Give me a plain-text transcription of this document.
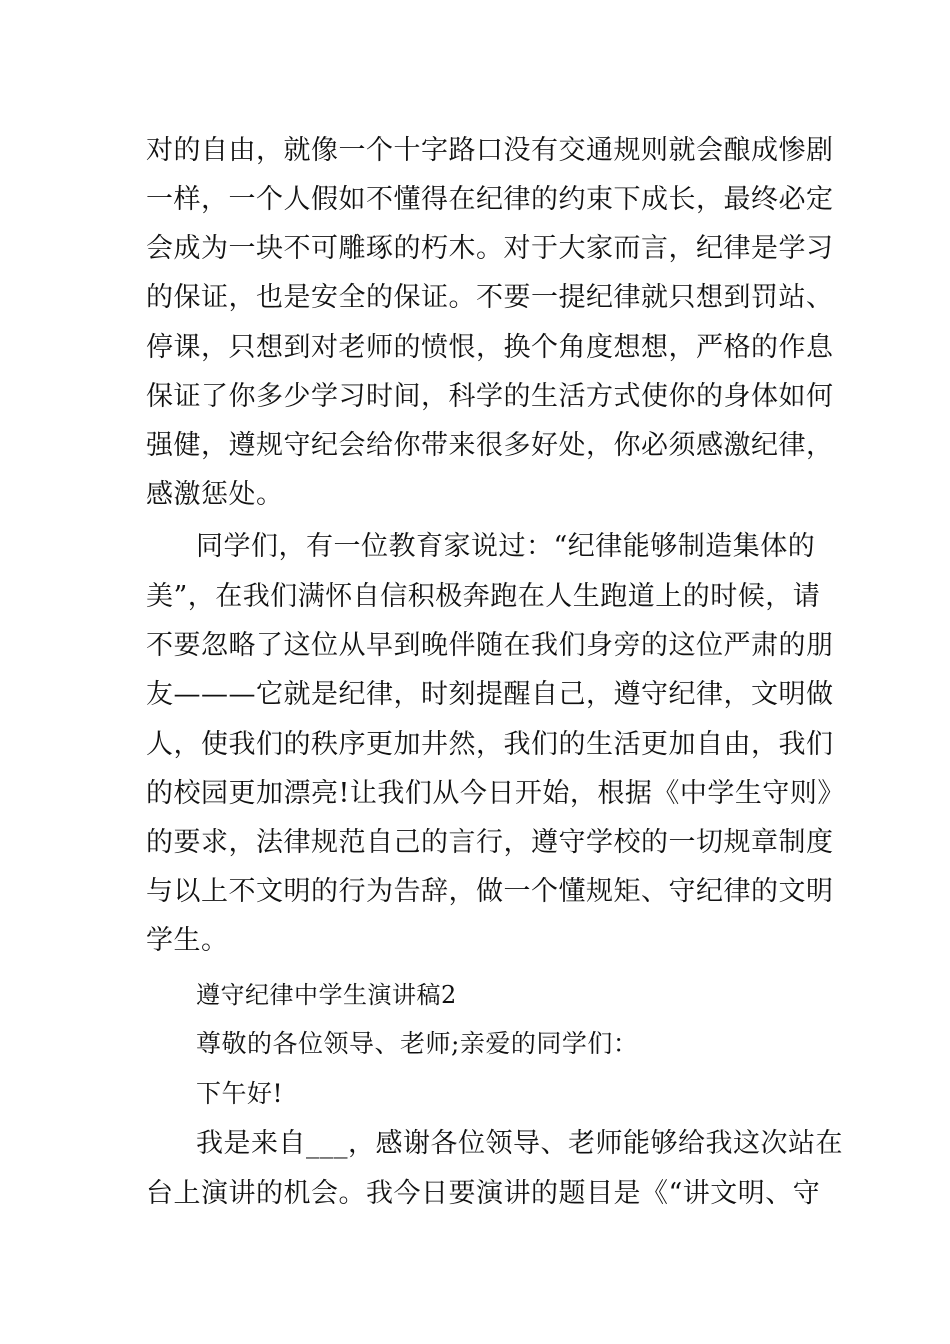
对的自由，就像一个十字路口没有交通规则就会酿成惨剧
一样，一个人假如不懂得在纪律的约束下成长，最终必定
会成为一块不可雕琢的朽木。对于大家而言，纪律是学习
的保证，也是安全的保证。不要一提纪律就只想到罚站、
停课，只想到对老师的愤恨，换个角度想想，严格的作息
保证了你多少学习时间，科学的生活方式使你的身体如何
强健，遵规守纪会给你带来很多好处，你必须感激纪律，
感激惩处。
同学们，有一位教育家说过：“纪律能够制造集体的
美”，在我们满怀自信积极奔跑在人生跑道上的时候，请
不要忽略了这位从早到晚伴随在我们身旁的这位严肃的朋
友———它就是纪律，时刻提醒自己，遵守纪律，文明做
人，使我们的秩序更加井然，我们的生活更加自由，我们
的校园更加漂亮!让我们从今日开始，根据《中学生守则》
的要求，法律规范自己的言行，遵守学校的一切规章制度
与以上不文明的行为告辞，做一个懂规矩、守纪律的文明
学生。
遵守纪律中学生演讲稿2
尊敬的各位领导、老师;亲爱的同学们：
下午好!
我是来自___，感谢各位领导、老师能够给我这次站在
台上演讲的机会。我今日要演讲的题目是《“讲文明、守
